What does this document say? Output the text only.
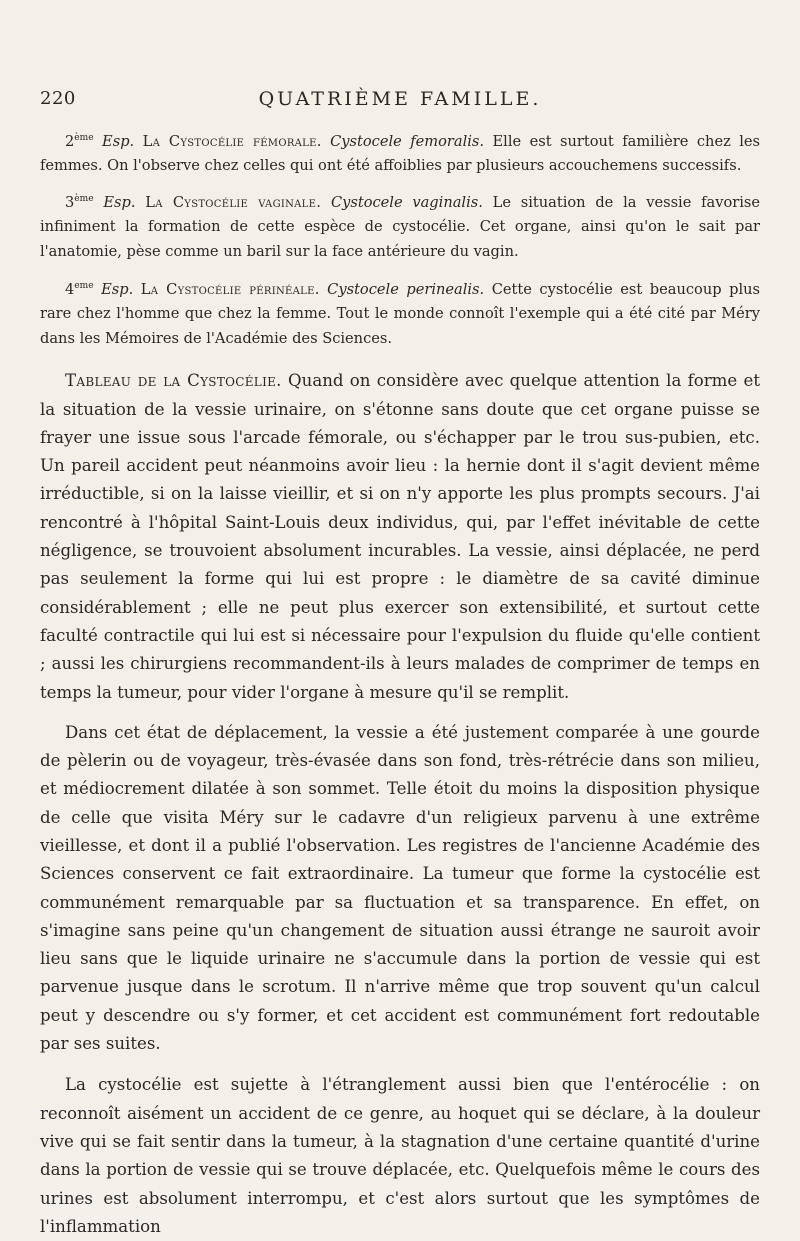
220	QUATRIÈME FAMILLE.

2ème Esp. La Cystocélie fémorale. Cystocele femoralis. Elle est surtout familière chez les femmes. On l'observe chez celles qui ont été affoiblies par plusieurs accouchemens successifs.

3ème Esp. La Cystocélie vaginale. Cystocele vaginalis. Le situation de la vessie favorise infiniment la formation de cette espèce de cystocélie. Cet organe, ainsi qu'on le sait par l'anatomie, pèse comme un baril sur la face antérieure du vagin.

4eme Esp. La Cystocélie périnéale. Cystocele perinealis. Cette cystocélie est beaucoup plus rare chez l'homme que chez la femme. Tout le monde connoît l'exemple qui a été cité par Méry dans les Mémoires de l'Académie des Sciences.

Tableau de la Cystocélie. Quand on considère avec quelque attention la forme et la situation de la vessie urinaire, on s'étonne sans doute que cet organe puisse se frayer une issue sous l'arcade fémorale, ou s'échapper par le trou sus-pubien, etc. Un pareil accident peut néanmoins avoir lieu : la hernie dont il s'agit devient même irréductible, si on la laisse vieillir, et si on n'y apporte les plus prompts secours. J'ai rencontré à l'hôpital Saint-Louis deux individus, qui, par l'effet inévitable de cette négligence, se trouvoient absolument incurables. La vessie, ainsi déplacée, ne perd pas seulement la forme qui lui est propre : le diamètre de sa cavité diminue considérablement ; elle ne peut plus exercer son extensibilité, et surtout cette faculté contractile qui lui est si nécessaire pour l'expulsion du fluide qu'elle contient ; aussi les chirurgiens recommandent-ils à leurs malades de comprimer de temps en temps la tumeur, pour vider l'organe à mesure qu'il se remplit.

Dans cet état de déplacement, la vessie a été justement comparée à une gourde de pèlerin ou de voyageur, très-évasée dans son fond, très-rétrécie dans son milieu, et médiocrement dilatée à son sommet. Telle étoit du moins la disposition physique de celle que visita Méry sur le cadavre d'un religieux parvenu à une extrême vieillesse, et dont il a publié l'observation. Les registres de l'ancienne Académie des Sciences conservent ce fait extraordinaire. La tumeur que forme la cystocélie est communément remarquable par sa fluctuation et sa transparence. En effet, on s'imagine sans peine qu'un changement de situation aussi étrange ne sauroit avoir lieu sans que le liquide urinaire ne s'accumule dans la portion de vessie qui est parvenue jusque dans le scrotum. Il n'arrive même que trop souvent qu'un calcul peut y descendre ou s'y former, et cet accident est communément fort redoutable par ses suites.

La cystocélie est sujette à l'étranglement aussi bien que l'entérocélie : on reconnoît aisément un accident de ce genre, au hoquet qui se déclare, à la douleur vive qui se fait sentir dans la tumeur, à la stagnation d'une certaine quantité d'urine dans la portion de vessie qui se trouve déplacée, etc. Quelquefois même le cours des urines est absolument interrompu, et c'est alors surtout que les symptômes de l'inflammation
